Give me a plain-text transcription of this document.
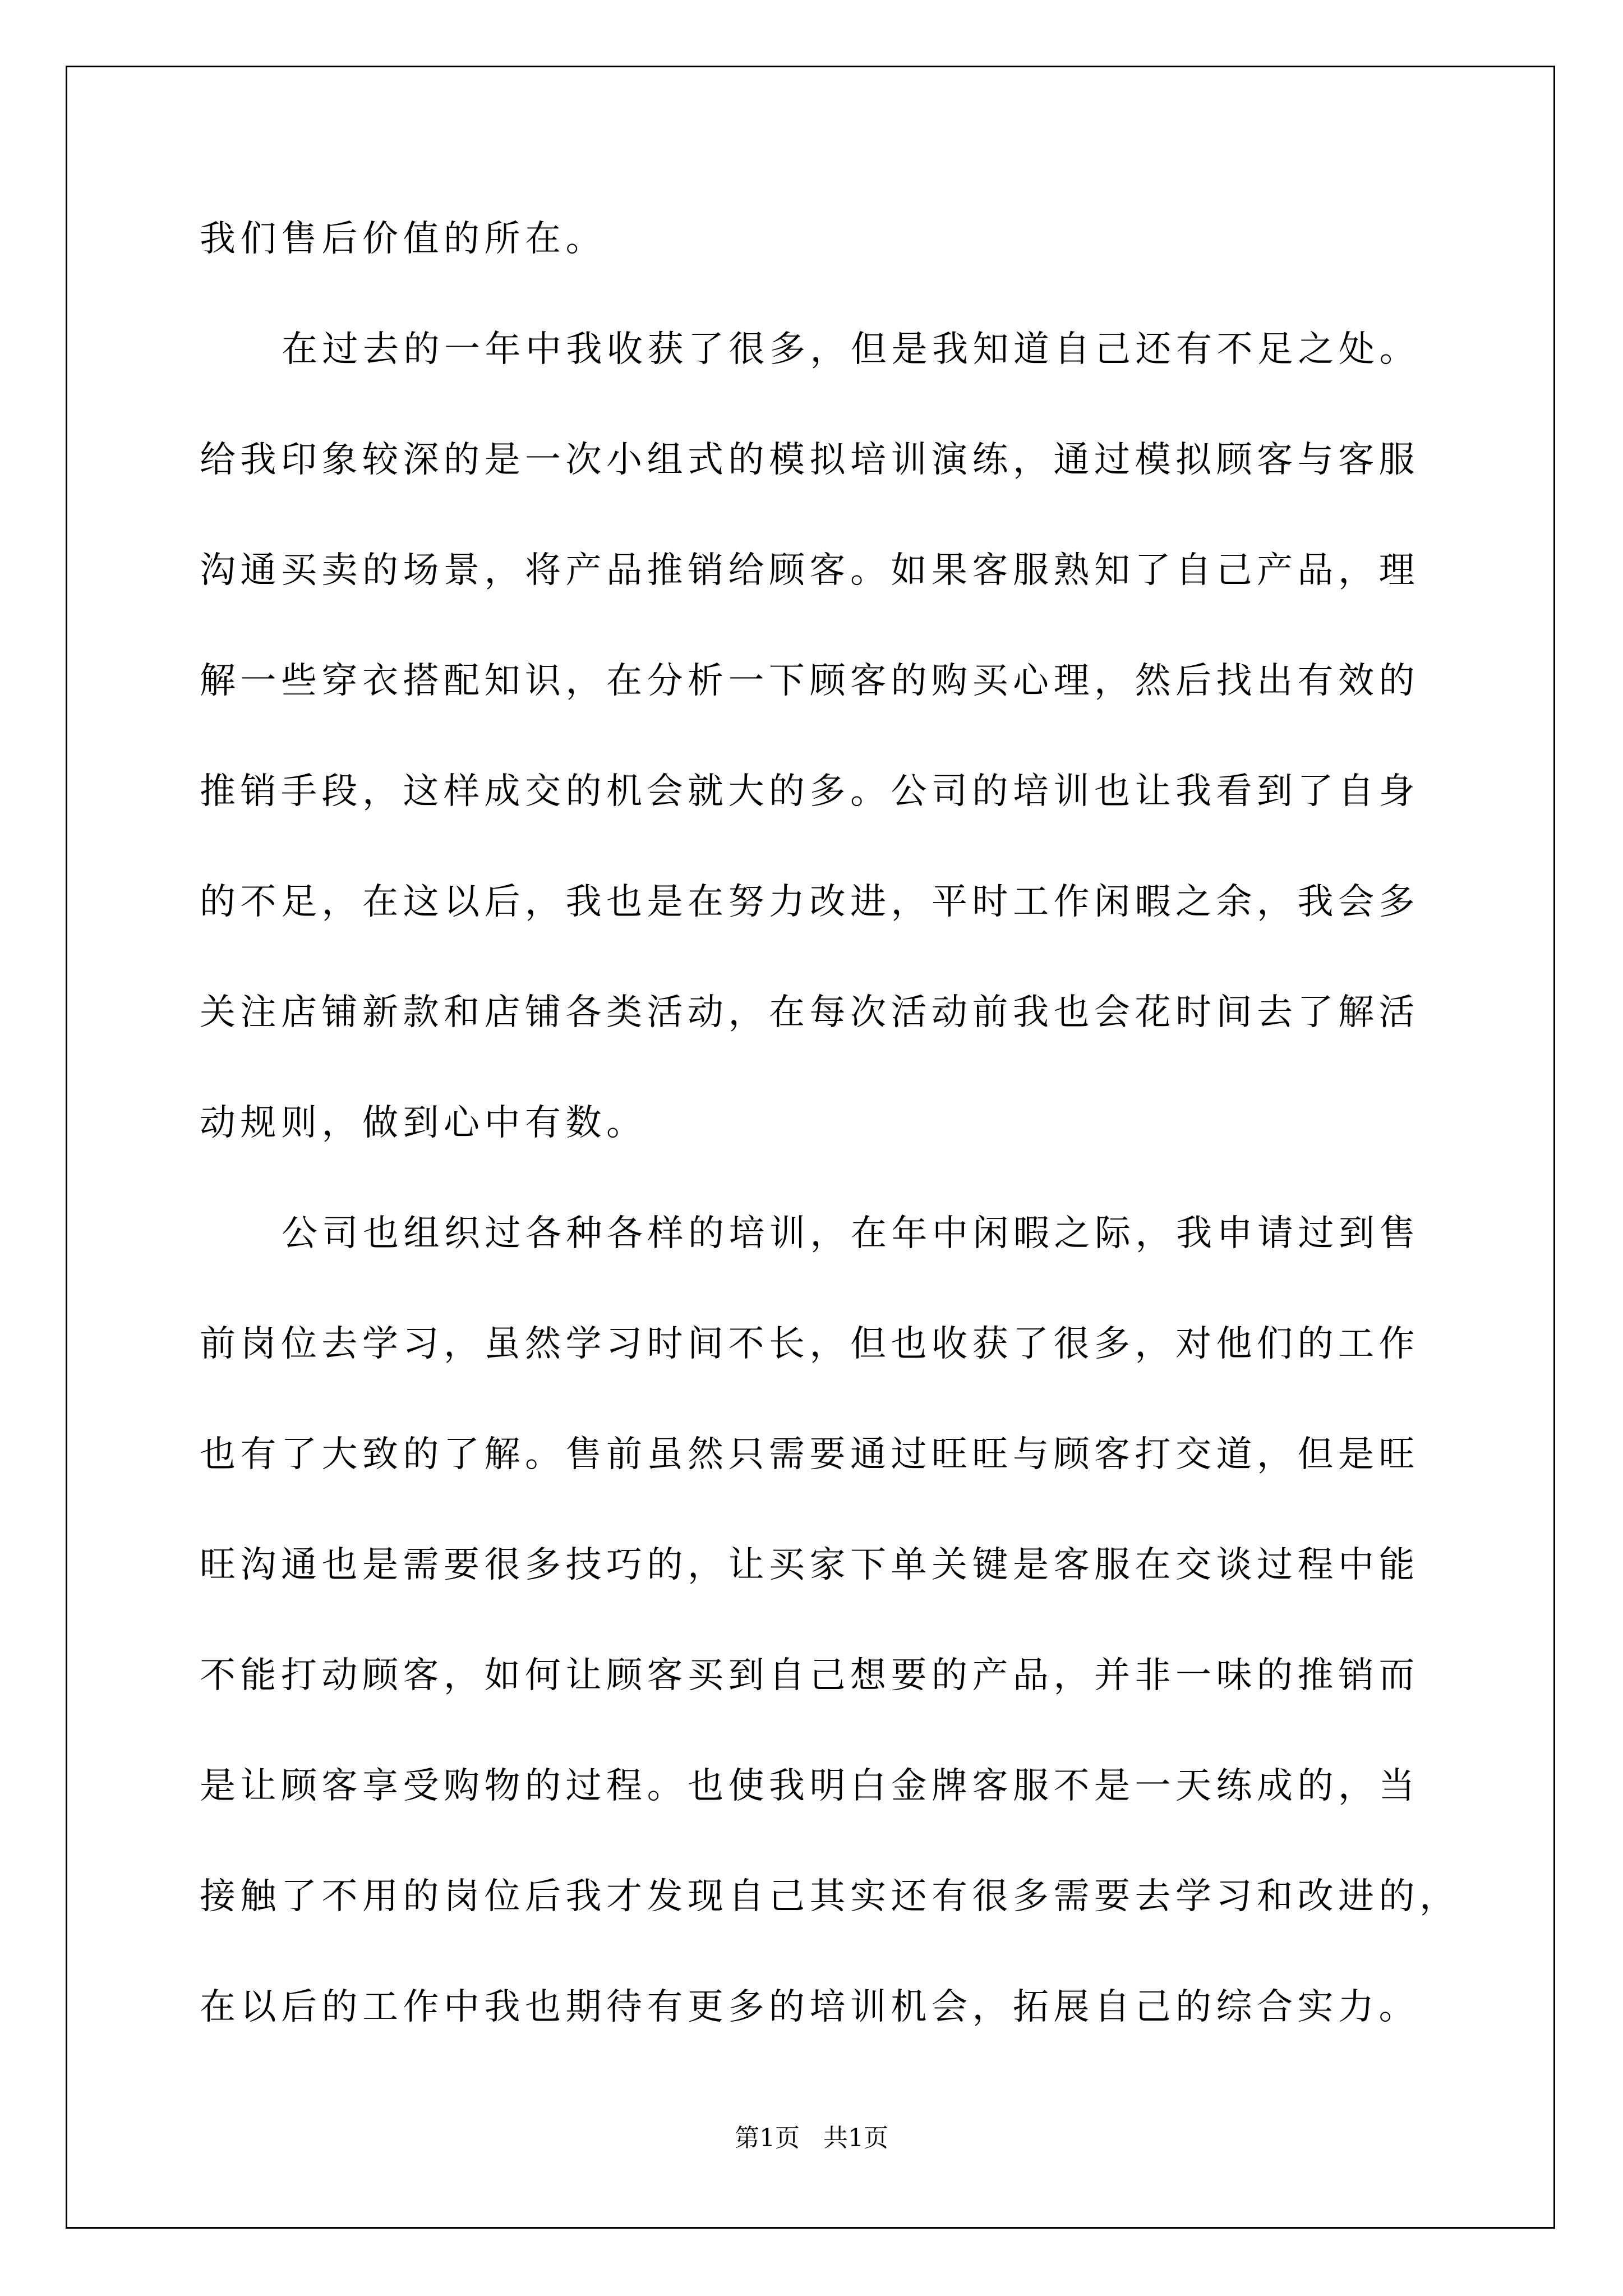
我们售后价值的所在。
在过去的一年中我收获了很多，但是我知道自己还有不足之处。
给我印象较深的是一次小组式的模拟培训演练，通过模拟顾客与客服
沟通买卖的场景，将产品推销给顾客。如果客服熟知了自己产品，理
解一些穿衣搭配知识，在分析一下顾客的购买心理，然后找出有效的
推销手段，这样成交的机会就大的多。公司的培训也让我看到了自身
的不足，在这以后，我也是在努力改进，平时工作闲暇之余，我会多
关注店铺新款和店铺各类活动，在每次活动前我也会花时间去了解活
动规则，做到心中有数。
公司也组织过各种各样的培训，在年中闲暇之际，我申请过到售
前岗位去学习，虽然学习时间不长，但也收获了很多，对他们的工作
也有了大致的了解。售前虽然只需要通过旺旺与顾客打交道，但是旺
旺沟通也是需要很多技巧的，让买家下单关键是客服在交谈过程中能
不能打动顾客，如何让顾客买到自己想要的产品，并非一味的推销而
是让顾客享受购物的过程。也使我明白金牌客服不是一天练成的，当
接触了不用的岗位后我才发现自己其实还有很多需要去学习和改进的，
在以后的工作中我也期待有更多的培训机会，拓展自己的综合实力。
第1页   共1页
